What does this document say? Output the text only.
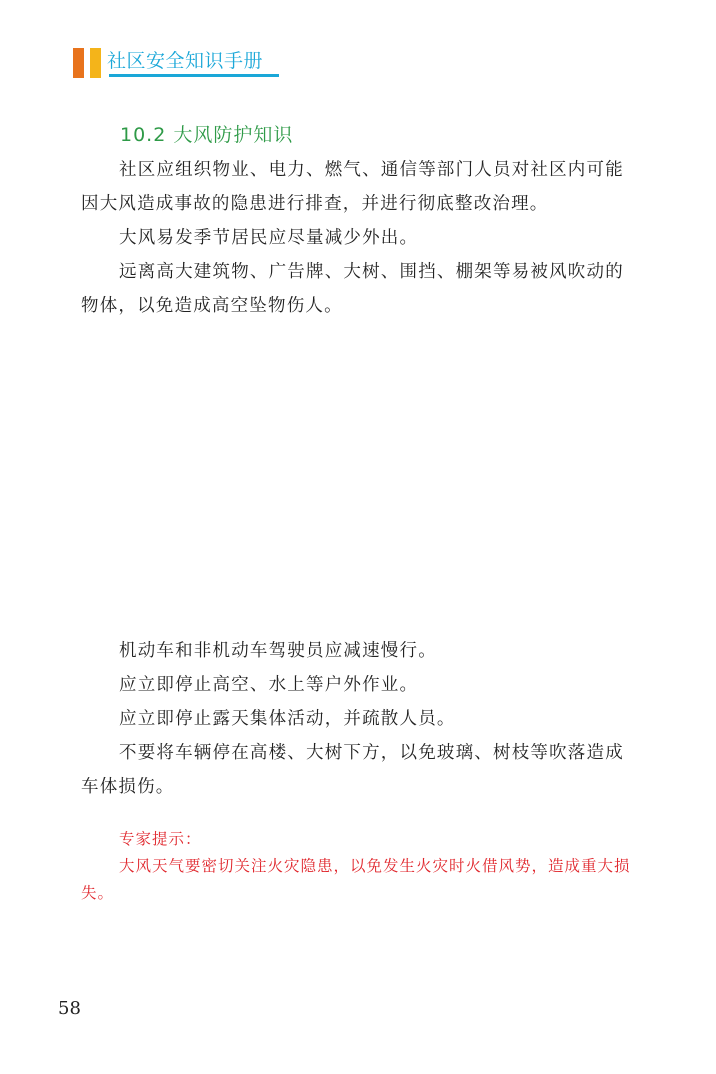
社区安全知识手册
10.2 大风防护知识

社区应组织物业、电力、燃气、通信等部门人员对社区内可能因大风造成事故的隐患进行排查，并进行彻底整改治理。

大风易发季节居民应尽量减少外出。

远离高大建筑物、广告牌、大树、围挡、棚架等易被风吹动的物体，以免造成高空坠物伤人。

机动车和非机动车驾驶员应减速慢行。

应立即停止高空、水上等户外作业。

应立即停止露天集体活动，并疏散人员。

不要将车辆停在高楼、大树下方，以免玻璃、树枝等吹落造成车体损伤。

专家提示：

大风天气要密切关注火灾隐患，以免发生火灾时火借风势，造成重大损失。

58
